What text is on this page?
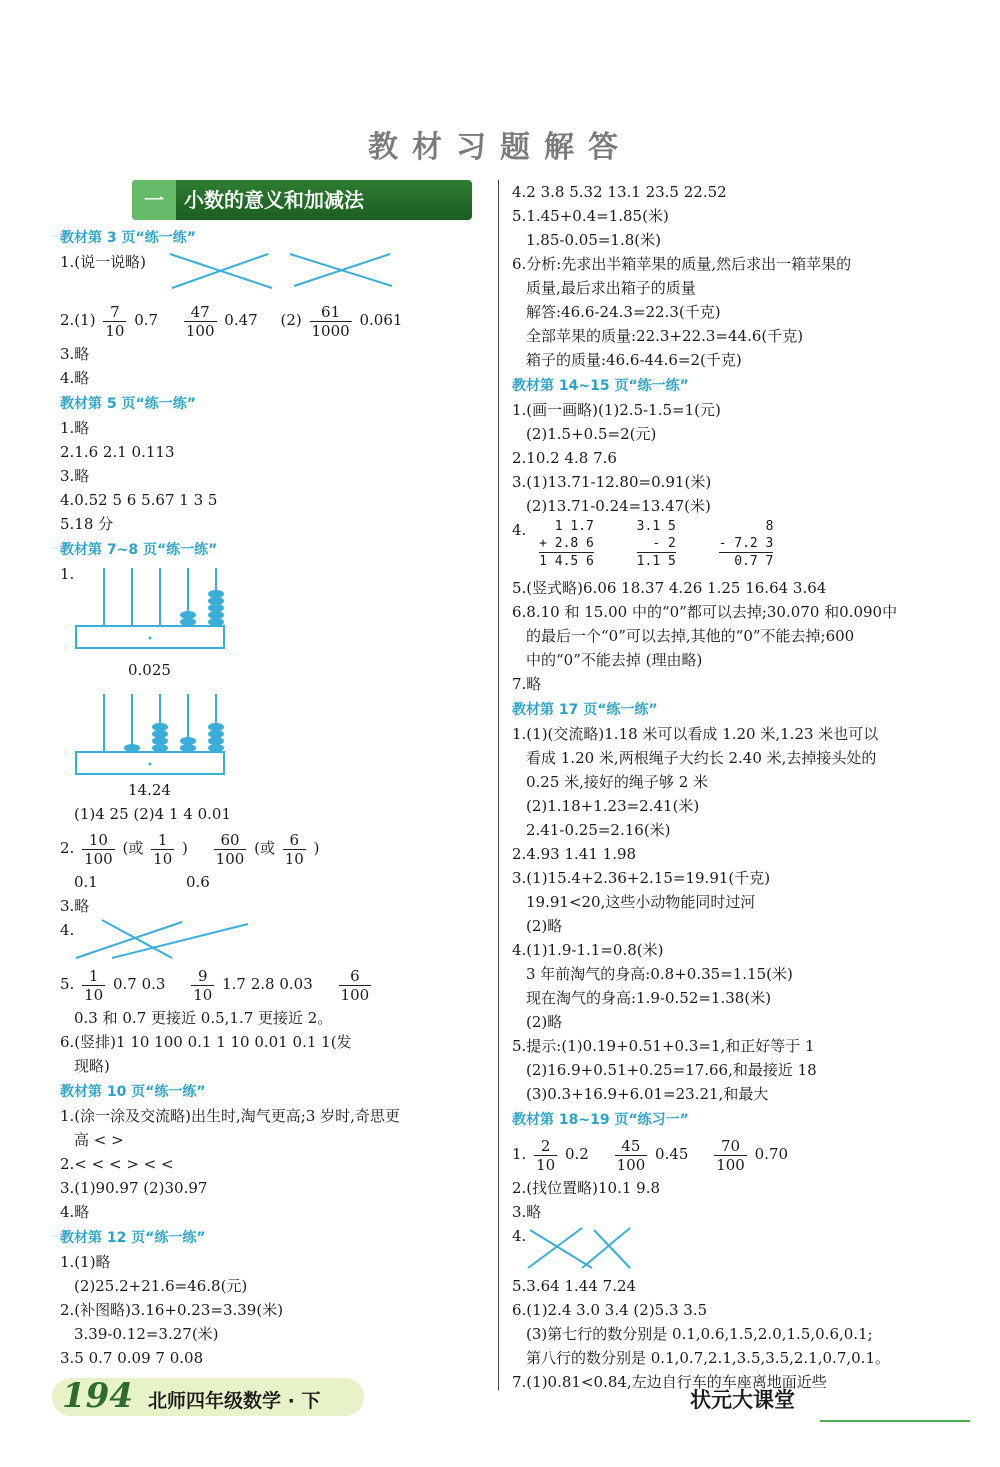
教材习题解答
一 小数的意义和加减法
教材第 3 页“练一练”
1.(说一说略)
$2.(1) \frac{7}{10} 0.7 \frac{47}{100} 0.47$ $(2) \frac{61}{1000} 0.061$
3.略
4.略
教材第 5 页“练一练”
1.略
2.1.6 2.1 0.113
3.略
4.0.52 5 6 5.67 1 3 5
5.18 分
教材第 7~8 页“练一练”
1.
0.025
14.24
(1)4 25 (2)4 1 4 0.01
2. $\frac{10}{100}$ (或 $\frac{1}{10}$ ) $\frac{60}{100}$ (或 $\frac{6}{10}$ )
0.1	0.6
3.略
4.
5. $\frac{1}{10} 0.7$ $0.3 \frac{9}{10} 1.7$ 2.8 $0.03 \frac{6}{100}$
0.3 和 0.7 更接近 0.5,1.7 更接近 2。
6.(竖排)1 10 100 0.1 1 10 0.01 0.1 1(发
现略)
教材第 10 页“练一练”
1.(涂一涂及交流略)出生时,淘气更高;3 岁时,奇思更
高 < >
2.< < < > < <
3.(1)90.97 (2)30.97
4.略
教材第 12 页“练一练”
1.(1)略
(2)25.2+21.6=46.8(元)
2.(补图略)3.16+0.23=3.39(米)
3.39-0.12=3.27(米)
3.5 0.7 0.09 7 0.08
4.2 3.8 5.32 13.1 23.5 22.52
5.1.45+0.4=1.85(米)
1.85-0.05=1.8(米)
6.分析:先求出半箱苹果的质量,然后求出一箱苹果的
质量,最后求出箱子的质量
解答:46.6-24.3=22.3(千克)
全部苹果的质量:22.3+22.3=44.6(千克)
箱子的质量:46.6-44.6=2(千克)
教材第 14~15 页“练一练”
1.(画一画略)(1)2.5-1.5=1(元)
(2)1.5+0.5=2(元)
2.10.2 4.8 7.6
3.(1)13.71-12.80=0.91(米)
(2)13.71-0.24=13.47(米)
4.	1 1.7
+ 2.8 6
1 4.5 6

3.1 5
- 2
1.1 5

8
- 7.2 3
0.7 7
5.(竖式略)6.06 18.37 4.26 1.25 16.64 3.64
6.8.10 和 15.00 中的“0”都可以去掉;30.070 和0.090中
的最后一个“0”可以去掉,其他的“0”不能去掉;600
中的“0”不能去掉 (理由略)
7.略
教材第 17 页“练一练”
1.(1)(交流略)1.18 米可以看成 1.20 米,1.23 米也可以
看成 1.20 米,两根绳子大约长 2.40 米,去掉接头处的
0.25 米,接好的绳子够 2 米
(2)1.18+1.23=2.41(米)
2.41-0.25=2.16(米)
2.4.93 1.41 1.98
3.(1)15.4+2.36+2.15=19.91(千克)
19.91<20,这些小动物能同时过河
(2)略
4.(1)1.9-1.1=0.8(米)
3 年前淘气的身高:0.8+0.35=1.15(米)
现在淘气的身高:1.9-0.52=1.38(米)
(2)略
5.提示:(1)0.19+0.51+0.3=1,和正好等于 1
(2)16.9+0.51+0.25=17.66,和最接近 18
(3)0.3+16.9+6.01=23.21,和最大
教材第 18~19 页“练习一”
1. $\frac{2}{10} 0.2 \frac{45}{100} 0.45 \frac{70}{100} 0.70$
2.(找位置略)10.1 9.8
3.略
4.
5.3.64 1.44 7.24
6.(1)2.4 3.0 3.4 (2)5.3 3.5
(3)第七行的数分别是 0.1,0.6,1.5,2.0,1.5,0.6,0.1;
第八行的数分别是 0.1,0.7,2.1,3.5,3.5,2.1,0.7,0.1。
7.(1)0.81<0.84,左边自行车的车座离地面近些
194 北师四年级数学 · 下	状元大课堂
